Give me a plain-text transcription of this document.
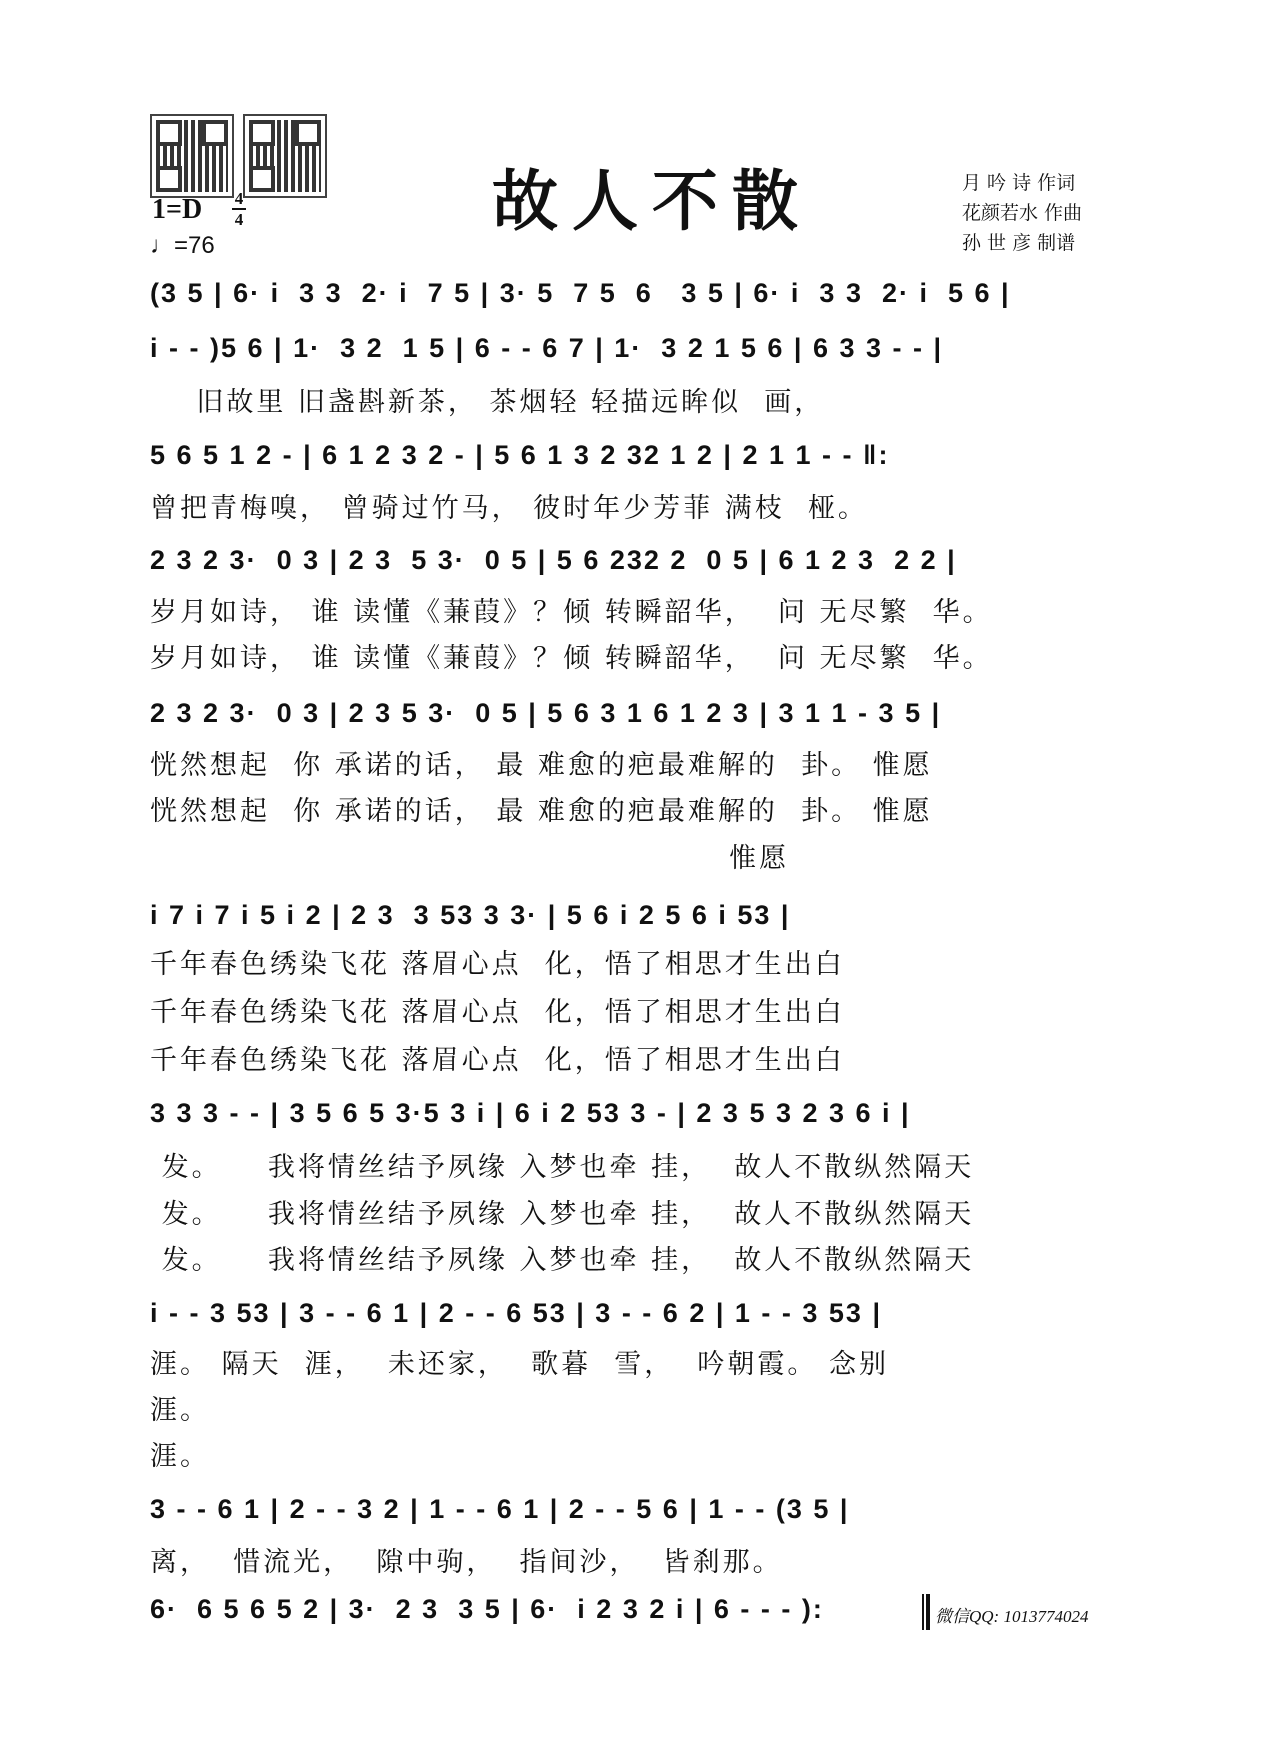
1=D 4
4
♩=76
故人不散	月 吟 诗 作词
花颜若水 作曲
孙 世 彦 制谱
(3 5 | 6· i  3 3  2· i  7 5 | 3· 5  7 5  6   3 5 | 6· i  3 3  2· i  5 6 |
i - - )5 6 | 1·  3 2  1 5 | 6 - - 6 7 | 1·  3 2 1 5 6 | 6 3 3 - - |
旧故里 旧盏斟新茶， 茶烟轻 轻描远眸似  画，
5 6 5 1 2 - | 6 1 2 3 2 - | 5 6 1 3 2 32 1 2 | 2 1 1 - - ‖:
曾把青梅嗅， 曾骑过竹马， 彼时年少芳菲 满枝  桠。
2 3 2 3·  0 3 | 2 3  5 3·  0 5 | 5 6 232 2  0 5 | 6 1 2 3  2 2 |
岁月如诗， 谁 读懂《蒹葭》？倾 转瞬韶华，  问 无尽繁  华。
岁月如诗， 谁 读懂《蒹葭》？倾 转瞬韶华，  问 无尽繁  华。
2 3 2 3·  0 3 | 2 3 5 3·  0 5 | 5 6 3 1 6 1 2 3 | 3 1 1 - 3 5 |
恍然想起  你 承诺的话， 最 难愈的疤最难解的  卦。 惟愿
恍然想起  你 承诺的话， 最 难愈的疤最难解的  卦。 惟愿
惟愿
i 7 i 7 i 5 i 2 | 2 3  3 53 3 3· | 5 6 i 2 5 6 i 53 |
千年春色绣染飞花 落眉心点  化，悟了相思才生出白
千年春色绣染飞花 落眉心点  化，悟了相思才生出白
千年春色绣染飞花 落眉心点  化，悟了相思才生出白
3 3 3 - - | 3 5 6 5 3·5 3 i | 6 i 2 53 3 - | 2 3 5 3 2 3 6 i |
发。    我将情丝结予夙缘 入梦也牵 挂，  故人不散纵然隔天
发。    我将情丝结予夙缘 入梦也牵 挂，  故人不散纵然隔天
发。    我将情丝结予夙缘 入梦也牵 挂，  故人不散纵然隔天
i - - 3 53 | 3 - - 6 1 | 2 - - 6 53 | 3 - - 6 2 | 1 - - 3 53 |
涯。 隔天  涯，  未还家，  歌暮  雪，  吟朝霞。 念别
涯。
涯。
3 - - 6 1 | 2 - - 3 2 | 1 - - 6 1 | 2 - - 5 6 | 1 - - (3 5 |
离，  惜流光，  隙中驹，  指间沙，  皆刹那。
6·  6 5 6 5 2 | 3·  2 3  3 5 | 6·  i 2 3 2 i | 6 - - - ):	微信QQ: 1013774024
